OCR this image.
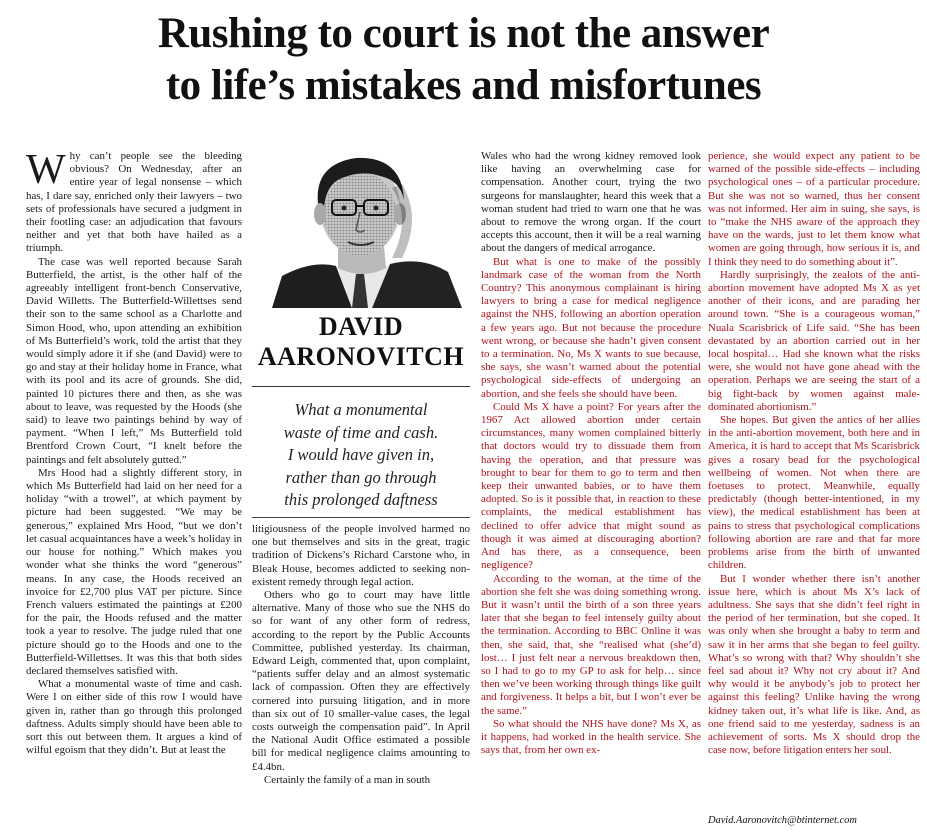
Rushing to court is not the answer
to life’s mistakes and misfortunes

Why can’t people see the bleeding obvious? On Wednesday, after an entire year of legal nonsense – which has, I dare say, enriched only their lawyers – two sets of professionals have secured a judgment in their footling case: an adjudication that favours neither and yet that both have hailed as a triumph.

The case was well reported because Sarah Butterfield, the artist, is the other half of the agreeably intelligent front-bench Conservative, David Willetts. The Butterfield-Willettses send their son to the same school as a Charlotte and Simon Hood, who, upon attending an exhibition of Ms Butterfield’s work, told the artist that they would simply adore it if she (and David) were to go and stay at their holiday home in France, what with its pool and its acre of grounds. She did, painted 10 pictures there and then, as she was about to leave, was requested by the Hoods (she said) to leave two paintings behind by way of payment. “When I left,” Ms Butterfield told Brentford Crown Court, “I knelt before the paintings and felt absolutely gutted.”

Mrs Hood had a slightly different story, in which Ms Butterfield had laid on her need for a holiday “with a trowel”, at which payment by picture had been suggested. “We may be generous,” explained Mrs Hood, “but we don’t let casual acquaintances have a week’s holiday in our house for nothing.” Which makes you wonder what she thinks the word “generous” means. In any case, the Hoods received an invoice for £2,700 plus VAT per picture. Since French valuers estimated the paintings at £200 for the pair, the Hoods refused and the matter took a year to resolve. The judge ruled that one picture should go to the Hoods and one to the Butterfield-Willettses. It was this that both sides declared themselves satisfied with.

What a monumental waste of time and cash. Were I on either side of this row I would have given in, rather than go through this prolonged daftness. Adults simply should have been able to sort this out between them. It argues a kind of wilful egoism that they didn’t. But at least the

DAVID
AARONOVITCH
What a monumental
waste of time and cash.
I would have given in,
rather than go through
this prolonged daftness

litigiousness of the people involved harmed no one but themselves and sits in the great, tragic tradition of Dickens’s Richard Carstone who, in Bleak House, becomes addicted to seeking non-existent remedy through legal action.

Others who go to court may have little alternative. Many of those who sue the NHS do so for want of any other form of redress, according to the report by the Public Accounts Committee, published yesterday. Its chairman, Edward Leigh, commented that, upon complaint, “patients suffer delay and an almost systematic lack of compassion. Often they are effectively cornered into pursuing litigation, and in more than six out of 10 smaller-value cases, the legal costs outweigh the compensation paid”. In April the National Audit Office estimated a possible bill for medical negligence claims amounting to £4.4bn.

Certainly the family of a man in south

Wales who had the wrong kidney removed look like having an overwhelming case for compensation. Another court, trying the two surgeons for manslaughter, heard this week that a woman student had tried to warn one that he was about to remove the wrong organ. If the court accepts this account, then it will be a real warning about the dangers of medical arrogance.

But what is one to make of the possibly landmark case of the woman from the North Country? This anonymous complainant is hiring lawyers to bring a case for medical negligence against the NHS, following an abortion operation a few years ago. But not because the procedure went wrong, or because she hadn’t given consent to a termination. No, Ms X wants to sue because, she says, she wasn’t warned about the potential psychological side-effects of undergoing an abortion, and she feels she should have been.

Could Ms X have a point? For years after the 1967 Act allowed abortion under certain circumstances, many women complained bitterly that doctors would try to dissuade them from having the operation, and that pressure was brought to bear for them to go to term and then keep their unwanted babies, or to have them adopted. So is it possible that, in reaction to these complaints, the medical establishment has declined to offer advice that might sound as though it was aimed at discouraging abortion? And has there, as a consequence, been negligence?

According to the woman, at the time of the abortion she felt she was doing something wrong. But it wasn’t until the birth of a son three years later that she began to feel intensely guilty about the termination. According to BBC Online it was then, she said, that, she “realised what (she’d) lost… I just felt near a nervous breakdown then, so I had to go to my GP to ask for help… since then we’ve been working through things like guilt and forgiveness. It helps a bit, but I won’t ever be the same.”

So what should the NHS have done? Ms X, as it happens, had worked in the health service. She says that, from her own ex-

perience, she would expect any patient to be warned of the possible side-effects – including psychological ones – of a particular procedure. But she was not so warned, thus her consent was not informed. Her aim in suing, she says, is to “make the NHS aware of the approach they have on the wards, just to let them know what women are going through, how serious it is, and I think they need to do something about it”.

Hardly surprisingly, the zealots of the anti-abortion movement have adopted Ms X as yet another of their icons, and are parading her around town. “She is a courageous woman,” Nuala Scarisbrick of Life said. “She has been devastated by an abortion carried out in her local hospital… Had she known what the risks were, she would not have gone ahead with the operation. Perhaps we are seeing the start of a big fight-back by women against male-dominated abortionism.”

She hopes. But given the antics of her allies in the anti-abortion movement, both here and in America, it is hard to accept that Ms Scarisbrick gives a rosary bead for the psychological wellbeing of women. Not when there are foetuses to protect. Meanwhile, equally predictably (though better-intentioned, in my view), the medical establishment has been at pains to stress that psychological complications following abortion are rare and that far more problems arise from the birth of unwanted children.

But I wonder whether there isn’t another issue here, which is about Ms X’s lack of adultness. She says that she didn’t feel right in the period of her termination, but she coped. It was only when she brought a baby to term and saw it in her arms that she began to feel guilty. What’s so wrong with that? Why shouldn’t she feel sad about it? Why not cry about it? And why would it be anybody’s job to protect her against this feeling? Unlike having the wrong kidney taken out, it’s what life is like. And, as one friend said to me yesterday, sadness is an achievement of sorts. Ms X should drop the case now, before litigation enters her soul.

David.Aaronovitch@btinternet.com
